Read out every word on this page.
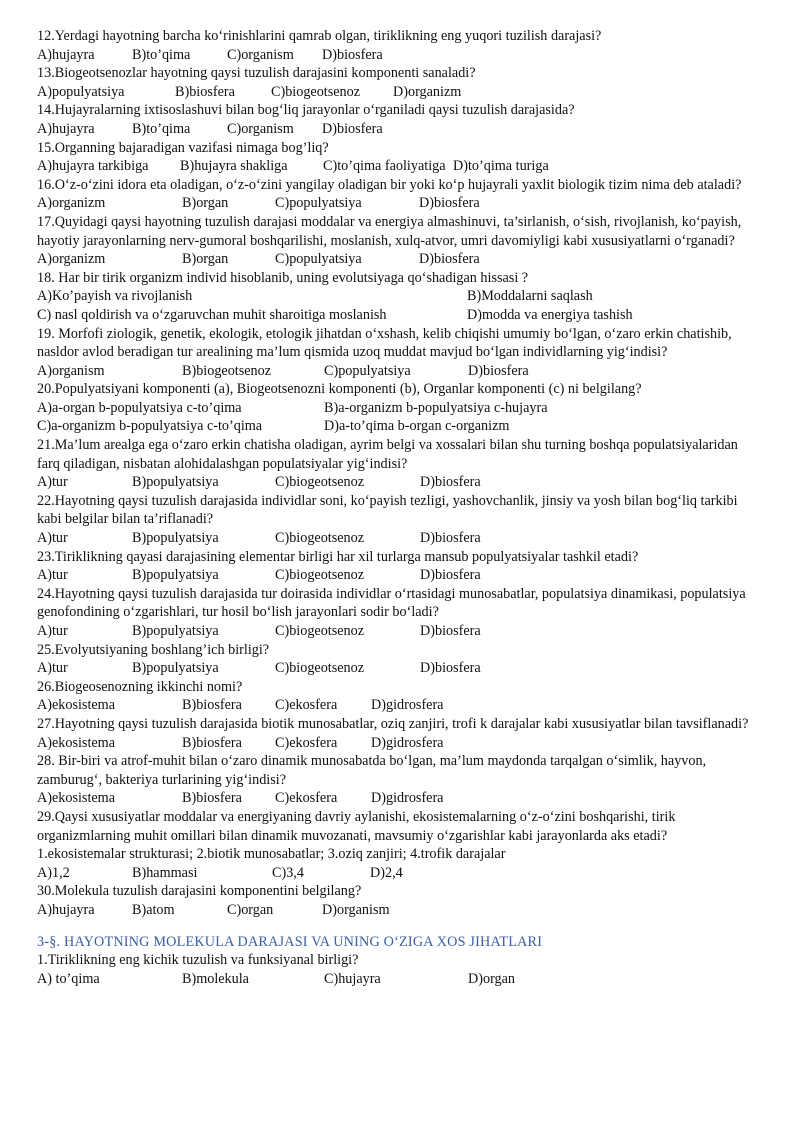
12.Yerdagi hayotning barcha ko‘rinishlarini qamrab olgan, tiriklikning eng yuqori tuzilish darajasi?

A)hujayra	B)to’qima	C)organism	D)biosfera

13.Biogeotsenozlar hayotning qaysi tuzulish darajasini komponenti sanaladi?

A)populyatsiya	B)biosfera	C)biogeotsenoz	D)organizm

14.Hujayralarning ixtisoslashuvi bilan bog‘liq jarayonlar o‘rganiladi qaysi tuzulish darajasida?

A)hujayra	B)to’qima	C)organism	D)biosfera

15.Organning bajaradigan vazifasi nimaga bog’liq?

A)hujayra tarkibiga	B)hujayra shakliga	C)to’qima faoliyatiga D)to’qima turiga

16.O‘z-o‘zini idora eta oladigan, o‘z-o‘zini yangilay oladigan bir yoki ko‘p hujayrali yaxlit biologik tizim nima deb ataladi?

A)organizm	B)organ	C)populyatsiya	D)biosfera

17.Quyidagi qaysi hayotning tuzulish darajasi moddalar va energiya almashinuvi, ta’sirlanish, o‘sish, rivojlanish, ko‘payish, hayotiy jarayonlarning nerv-gumoral boshqarilishi, moslanish, xulq-atvor, umri davomiyligi kabi xususiyatlarni o‘rganadi?

A)organizm	B)organ	C)populyatsiya	D)biosfera

18. Har bir tirik organizm individ hisoblanib, uning evolutsiyaga qo‘shadigan hissasi ?

A)Ko’payish va rivojlanish	B)Moddalarni saqlash
C) nasl qoldirish va o‘zgaruvchan muhit sharoitiga moslanish	D)modda va energiya tashish

19. Morfofi ziologik, genetik, ekologik, etologik jihatdan o‘xshash, kelib chiqishi umumiy bo‘lgan, o‘zaro erkin chatishib, nasldor avlod beradigan tur arealining ma’lum qismida uzoq muddat mavjud bo‘lgan individlarning yig‘indisi?

A)organism	B)biogeotsenoz	C)populyatsiya	D)biosfera

20.Populyatsiyani komponenti (a), Biogeotsenozni komponenti (b), Organlar komponenti (c) ni belgilang?

A)a-organ b-populyatsiya c-to’qima	B)a-organizm b-populyatsiya c-hujayra
C)a-organizm b-populyatsiya c-to’qima	D)a-to’qima b-organ c-organizm

21.Ma’lum arealga ega o‘zaro erkin chatisha oladigan, ayrim belgi va xossalari bilan shu turning boshqa populatsiyalaridan farq qiladigan, nisbatan alohidalashgan populatsiyalar yig‘indisi?

A)tur	B)populyatsiya	C)biogeotsenoz	D)biosfera

22.Hayotning qaysi tuzulish darajasida individlar soni, ko‘payish tezligi, yashovchanlik, jinsiy va yosh bilan bog‘liq tarkibi kabi belgilar bilan ta’riflanadi?

A)tur	B)populyatsiya	C)biogeotsenoz	D)biosfera

23.Tiriklikning qayasi darajasining elementar birligi har xil turlarga mansub populyatsiyalar tashkil etadi?

A)tur	B)populyatsiya	C)biogeotsenoz	D)biosfera

24.Hayotning qaysi tuzulish darajasida tur doirasida individlar o‘rtasidagi munosabatlar, populatsiya dinamikasi, populatsiya genofondining o‘zgarishlari, tur hosil bo‘lish jarayonlari sodir bo‘ladi?

A)tur	B)populyatsiya	C)biogeotsenoz	D)biosfera

25.Evolyutsiyaning boshlang’ich birligi?

A)tur	B)populyatsiya	C)biogeotsenoz	D)biosfera

26.Biogeosenozning ikkinchi nomi?

A)ekosistema	B)biosfera	C)ekosfera	D)gidrosfera

27.Hayotning qaysi tuzulish darajasida biotik munosabatlar, oziq zanjiri, trofi k darajalar kabi xususiyatlar bilan tavsiflanadi?

A)ekosistema	B)biosfera	C)ekosfera	D)gidrosfera

28. Bir-biri va atrof-muhit bilan o‘zaro dinamik munosabatda bo‘lgan, ma’lum maydonda tarqalgan o‘simlik, hayvon, zamburug‘, bakteriya turlarining yig‘indisi?

A)ekosistema	B)biosfera	C)ekosfera	D)gidrosfera

29.Qaysi xususiyatlar moddalar va energiyaning davriy aylanishi, ekosistemalarning o‘z-o‘zini boshqarishi, tirik organizmlarning muhit omillari bilan dinamik muvozanati, mavsumiy o‘zgarishlar kabi jarayonlarda aks etadi?

1.ekosistemalar strukturasi; 2.biotik munosabatlar; 3.oziq zanjiri; 4.trofik darajalar

A)1,2	B)hammasi	C)3,4	D)2,4

30.Molekula tuzulish darajasini komponentini belgilang?

A)hujayra	B)atom	C)organ	D)organism

3-§. HAYOTNING MOLEKULA DARAJASI VA UNING O‘ZIGA XOS JIHATLARI

1.Tiriklikning eng kichik tuzulish va funksiyanal birligi?

A) to’qima	B)molekula	C)hujayra	D)organ
